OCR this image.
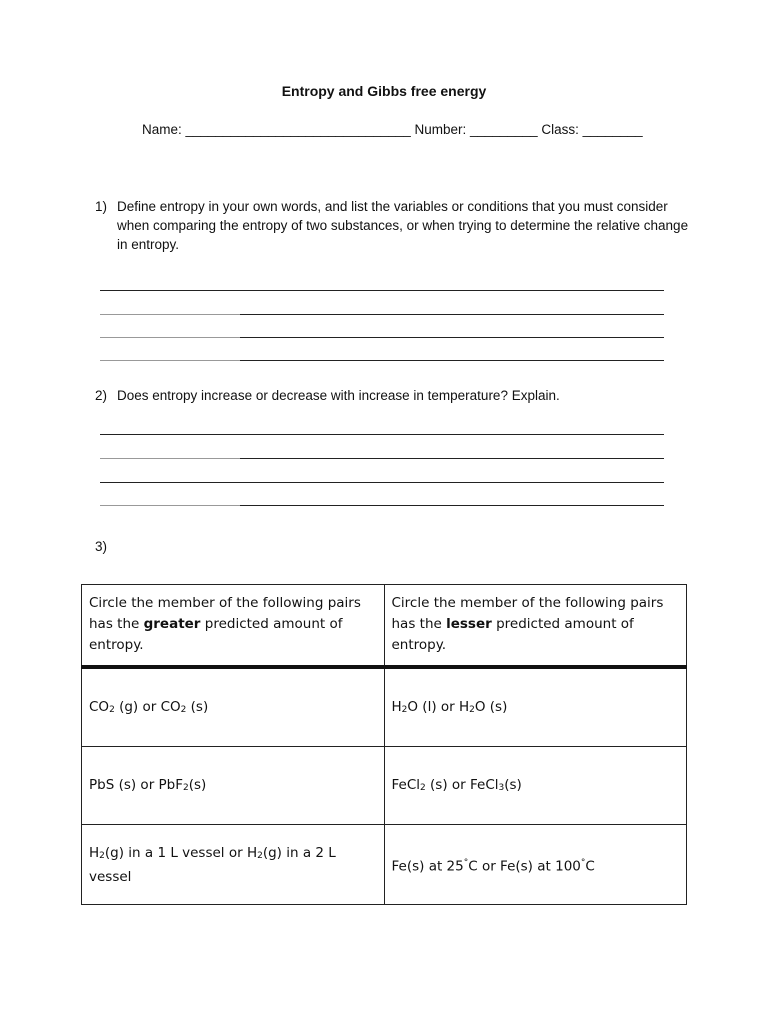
Entropy and Gibbs free energy
Name: ______________________________ Number: _________ Class: ________
1) Define entropy in your own words, and list the variables or conditions that you must consider when comparing the entropy of two substances, or when trying to determine the relative change in entropy.
2) Does entropy increase or decrease with increase in temperature? Explain.
3)
Circle the member of the following pairs has the greater predicted amount of entropy.	Circle the member of the following pairs has the lesser predicted amount of entropy.
$CO_2$ (g) or $CO_2$ (s)	$H_2O$ (l) or $H_2O$ (s)
PbS (s) or PbF$_2$(s)	FeCl$_2$ (s) or FeCl$_3$(s)
$H_2(g)$ in a 1 L vessel or $H_2(g)$ in a 2 L vessel	Fe(s) at 25°C or Fe(s) at 100°C
